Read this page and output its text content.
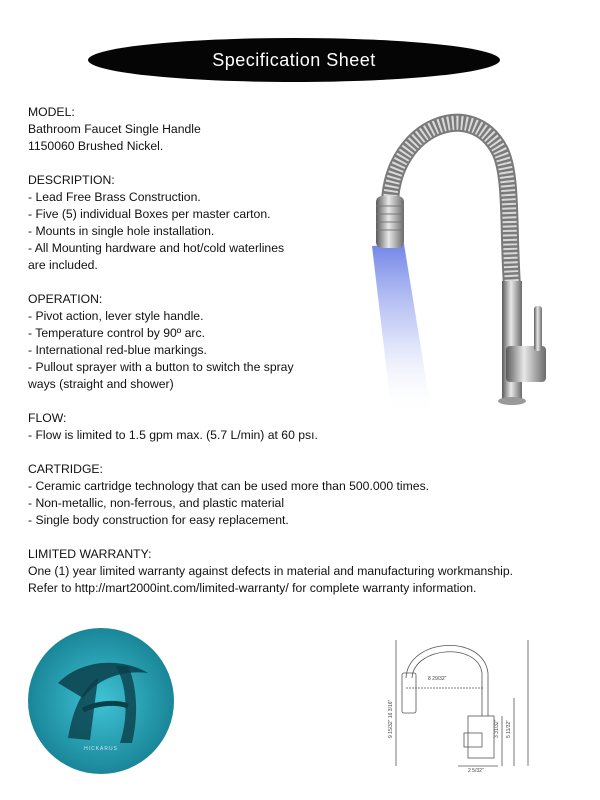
Specification Sheet
MODEL:
Bathroom Faucet Single Handle
1150060 Brushed Nickel.
DESCRIPTION:
- Lead Free Brass Construction.
- Five (5) individual Boxes per master carton.
- Mounts in single hole installation.
- All Mounting hardware and hot/cold waterlines
are included.
OPERATION:
- Pivot action, lever style handle.
- Temperature control by 90º arc.
- International red-blue markings.
- Pullout sprayer with a button to switch the spray
ways (straight and shower)
FLOW:
- Flow is limited to 1.5 gpm max. (5.7 L/min) at 60 psı.
CARTRIDGE:
- Ceramic cartridge technology that can be used more than 500.000 times.
- Non-metallic, non-ferrous, and plastic material
- Single body construction for easy replacement.
LIMITED WARRANTY:
One (1) year limited warranty against defects in material and manufacturing workmanship.
Refer to http://mart2000int.com/limited-warranty/ for complete warranty information.
HICKARUS
8 29/32"
9 15/32" 16 3/16"	3 31/32" 5 11/32"
2 5/32"
